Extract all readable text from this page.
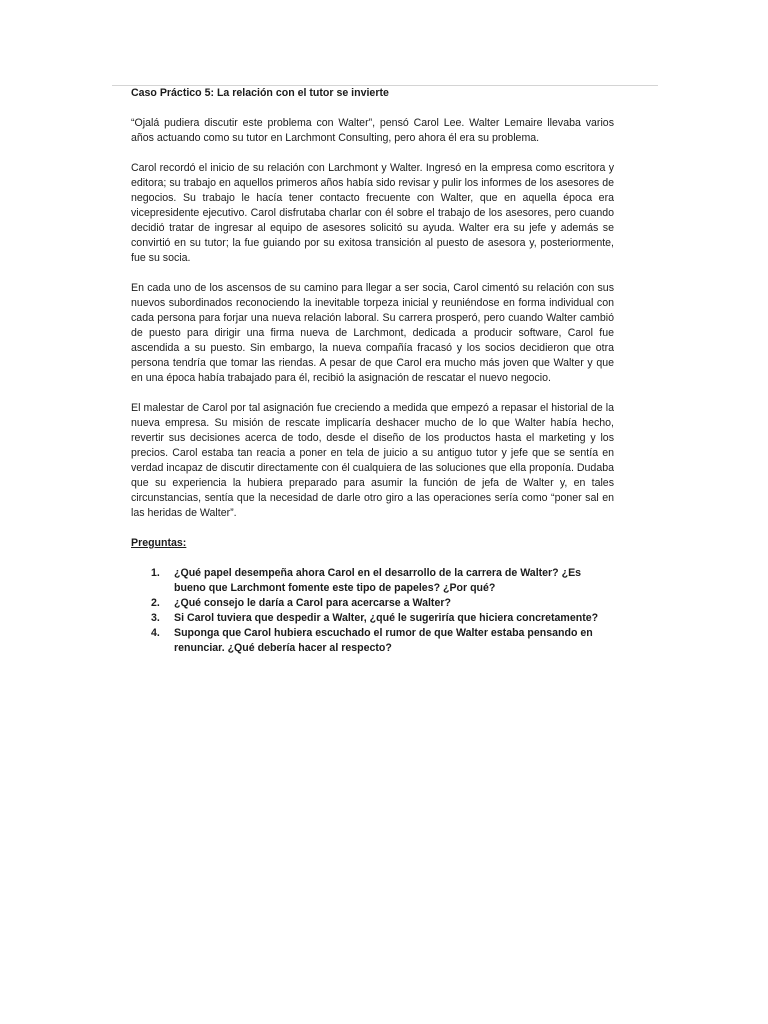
Caso Práctico 5: La relación con el tutor se invierte

“Ojalá pudiera discutir este problema con Walter”, pensó Carol Lee. Walter Lemaire llevaba varios años actuando como su tutor en Larchmont Consulting, pero ahora él era su problema.

Carol recordó el inicio de su relación con Larchmont y Walter. Ingresó en la empresa como escritora y editora; su trabajo en aquellos primeros años había sido revisar y pulir los informes de los asesores de negocios. Su trabajo le hacía tener contacto frecuente con Walter, que en aquella época era vicepresidente ejecutivo. Carol disfrutaba charlar con él sobre el trabajo de los asesores, pero cuando decidió tratar de ingresar al equipo de asesores solicitó su ayuda. Walter era su jefe y además se convirtió en su tutor; la fue guiando por su exitosa transición al puesto de asesora y, posteriormente, fue su socia.

En cada uno de los ascensos de su camino para llegar a ser socia, Carol cimentó su relación con sus nuevos subordinados reconociendo la inevitable torpeza inicial y reuniéndose en forma individual con cada persona para forjar una nueva relación laboral. Su carrera prosperó, pero cuando Walter cambió de puesto para dirigir una firma nueva de Larchmont, dedicada a producir software, Carol fue ascendida a su puesto. Sin embargo, la nueva compañía fracasó y los socios decidieron que otra persona tendría que tomar las riendas. A pesar de que Carol era mucho más joven que Walter y que en una época había trabajado para él, recibió la asignación de rescatar el nuevo negocio.

El malestar de Carol por tal asignación fue creciendo a medida que empezó a repasar el historial de la nueva empresa. Su misión de rescate implicaría deshacer mucho de lo que Walter había hecho, revertir sus decisiones acerca de todo, desde el diseño de los productos hasta el marketing y los precios. Carol estaba tan reacia a poner en tela de juicio a su antiguo tutor y jefe que se sentía en verdad incapaz de discutir directamente con él cualquiera de las soluciones que ella proponía. Dudaba que su experiencia la hubiera preparado para asumir la función de jefa de Walter y, en tales circunstancias, sentía que la necesidad de darle otro giro a las operaciones sería como “poner sal en las heridas de Walter”.

Preguntas:
1.	¿Qué papel desempeña ahora Carol en el desarrollo de la carrera de Walter? ¿Es bueno que Larchmont fomente este tipo de papeles? ¿Por qué?
2.	¿Qué consejo le daría a Carol para acercarse a Walter?
3.	Si Carol tuviera que despedir a Walter, ¿qué le sugeriría que hiciera concretamente?
4.	Suponga que Carol hubiera escuchado el rumor de que Walter estaba pensando en renunciar. ¿Qué debería hacer al respecto?
